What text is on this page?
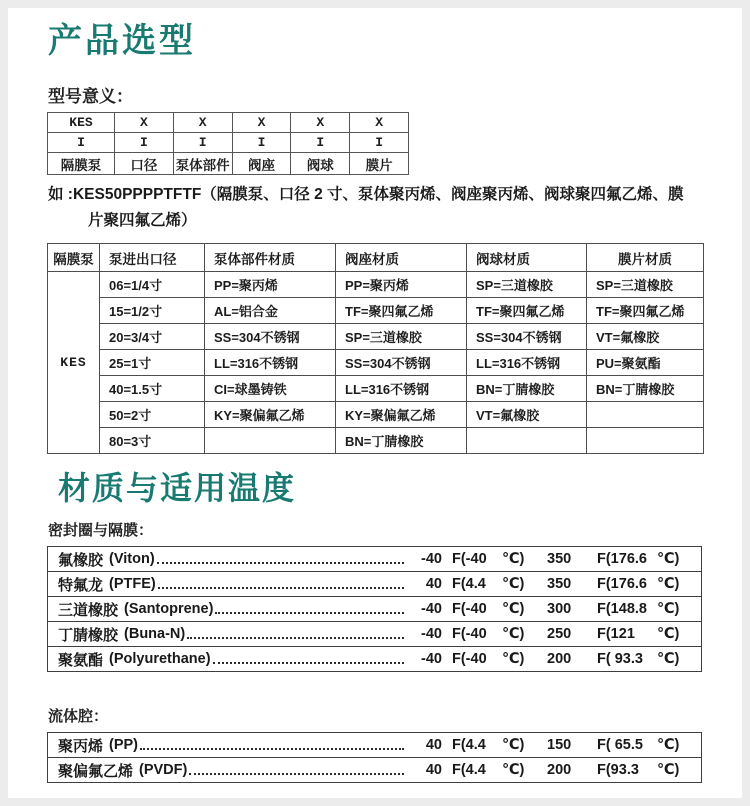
产品选型
型号意义：
KES	X	X	X	X	X
I	I	I	I	I	I
隔膜泵	口径	泵体部件	阀座	阀球	膜片
如 :KES50PPPPTFTF（隔膜泵、口径 2 寸、泵体聚丙烯、阀座聚丙烯、阀球聚四氟乙烯、膜
片聚四氟乙烯）
隔膜泵	泵进出口径	泵体部件材质	阀座材质	阀球材质	膜片材质
KES	06=1/4寸	PP=聚丙烯	PP=聚丙烯	SP=三道橡胶	SP=三道橡胶
	15=1/2寸	AL=铝合金	TF=聚四氟乙烯	TF=聚四氟乙烯	TF=聚四氟乙烯
	20=3/4寸	SS=304不锈钢	SP=三道橡胶	SS=304不锈钢	VT=氟橡胶
	25=1寸	LL=316不锈钢	SS=304不锈钢	LL=316不锈钢	PU=聚氨酯
	40=1.5寸	CI=球墨铸铁	LL=316不锈钢	BN=丁腈橡胶	BN=丁腈橡胶
	50=2寸	KY=聚偏氟乙烯	KY=聚偏氟乙烯	VT=氟橡胶	
	80=3寸		BN=丁腈橡胶		
材质与适用温度
密封圈与隔膜：
氟橡胶 (Viton)	-40 F(-40	℃)	350	F(176.6 ℃)
特氟龙 (PTFE)	40 F(4.4	℃)	350	F(176.6 ℃)
三道橡胶 (Santoprene)	-40 F(-40	℃)	300	F(148.8 ℃)
丁腈橡胶 (Buna-N)	-40 F(-40	℃)	250	F(121	℃)
聚氨酯 (Polyurethane)	-40 F(-40	℃)	200	F( 93.3 ℃)
流体腔：
聚丙烯 (PP)	40 F(4.4	℃)	150	F( 65.5 ℃)
聚偏氟乙烯 (PVDF)	40 F(4.4	℃)	200	F(93.3	℃)
